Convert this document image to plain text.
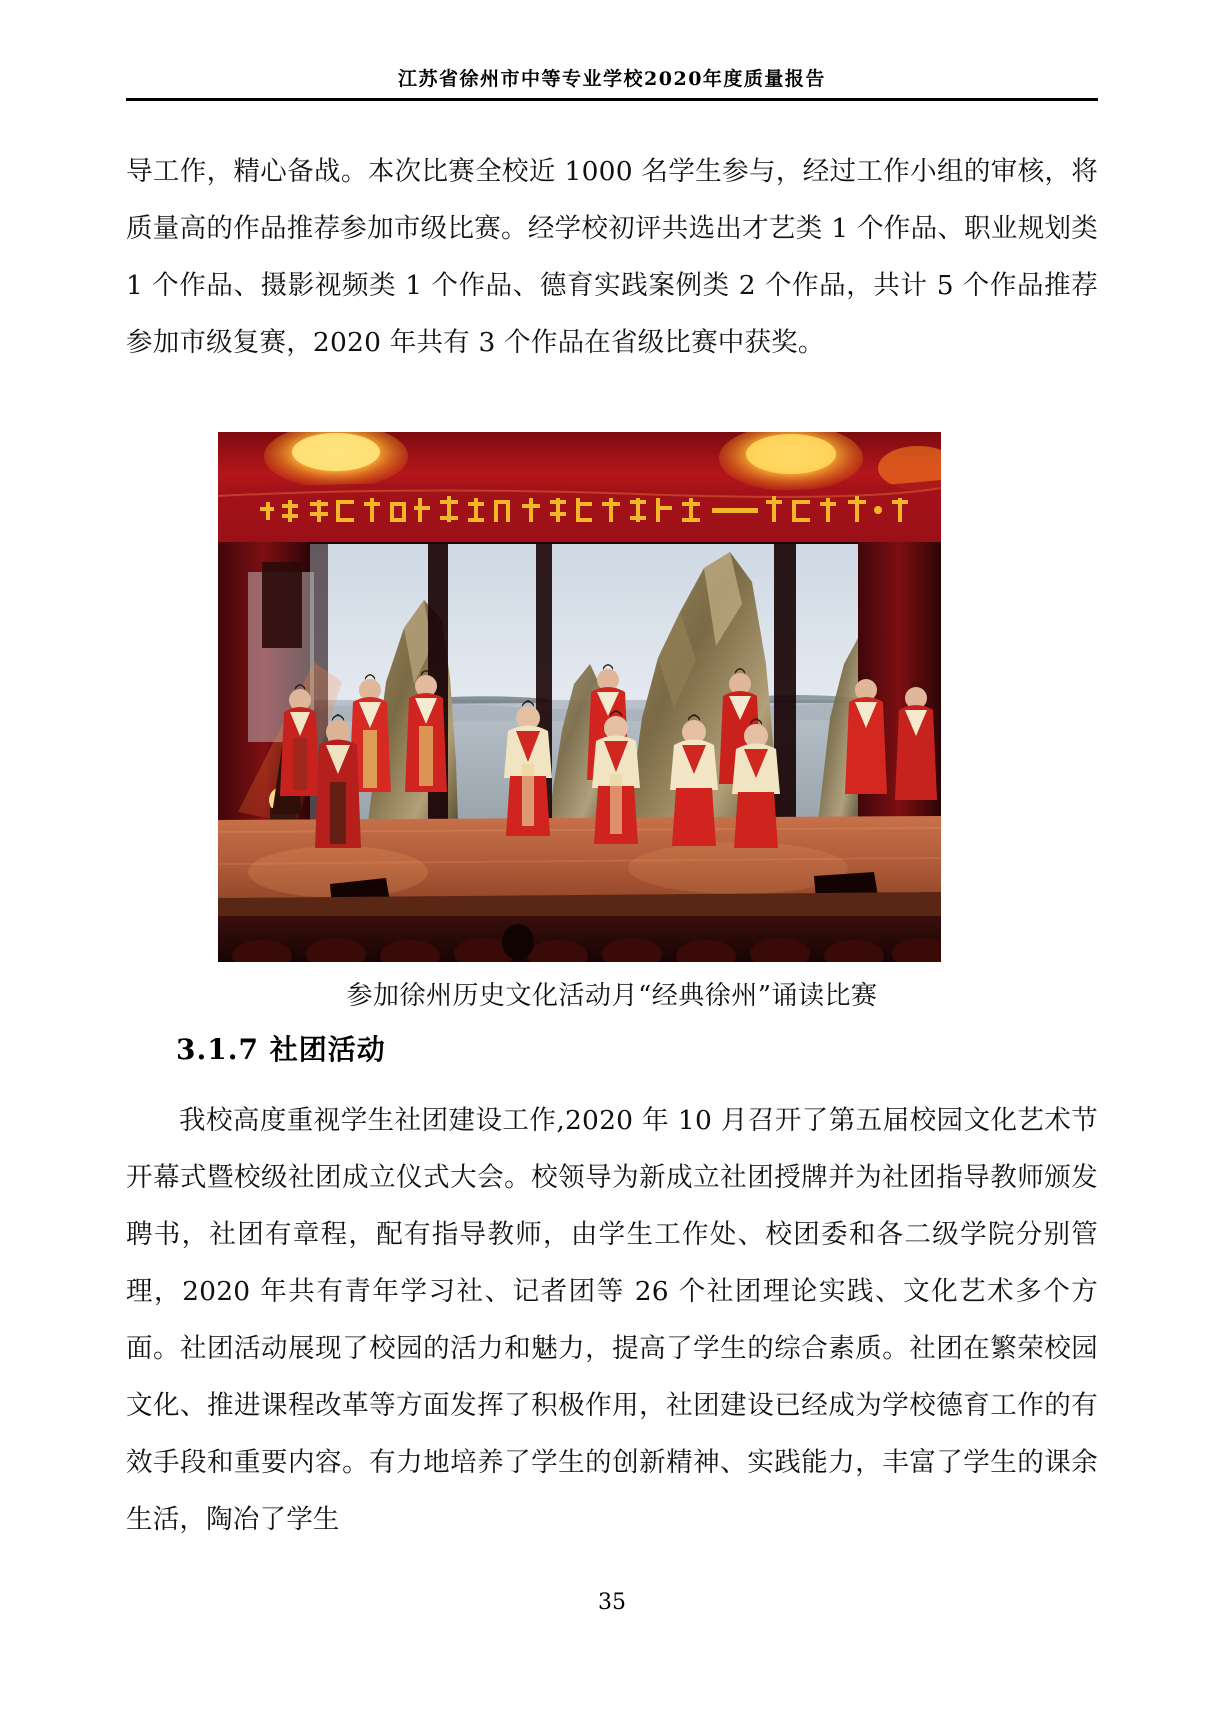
江苏省徐州市中等专业学校2020年度质量报告

导工作，精心备战。本次比赛全校近 1000 名学生参与，经过工作小组的审核，将质量高的作品推荐参加市级比赛。经学校初评共选出才艺类 1 个作品、职业规划类 1 个作品、摄影视频类 1 个作品、德育实践案例类 2 个作品，共计 5 个作品推荐参加市级复赛，2020 年共有 3 个作品在省级比赛中获奖。

参加徐州历史文化活动月“经典徐州”诵读比赛
3.1.7 社团活动

我校高度重视学生社团建设工作,2020 年 10 月召开了第五届校园文化艺术节开幕式暨校级社团成立仪式大会。校领导为新成立社团授牌并为社团指导教师颁发聘书，社团有章程，配有指导教师，由学生工作处、校团委和各二级学院分别管理，2020 年共有青年学习社、记者团等 26 个社团理论实践、文化艺术多个方面。社团活动展现了校园的活力和魅力，提高了学生的综合素质。社团在繁荣校园文化、推进课程改革等方面发挥了积极作用，社团建设已经成为学校德育工作的有效手段和重要内容。有力地培养了学生的创新精神、实践能力，丰富了学生的课余生活，陶冶了学生

35
